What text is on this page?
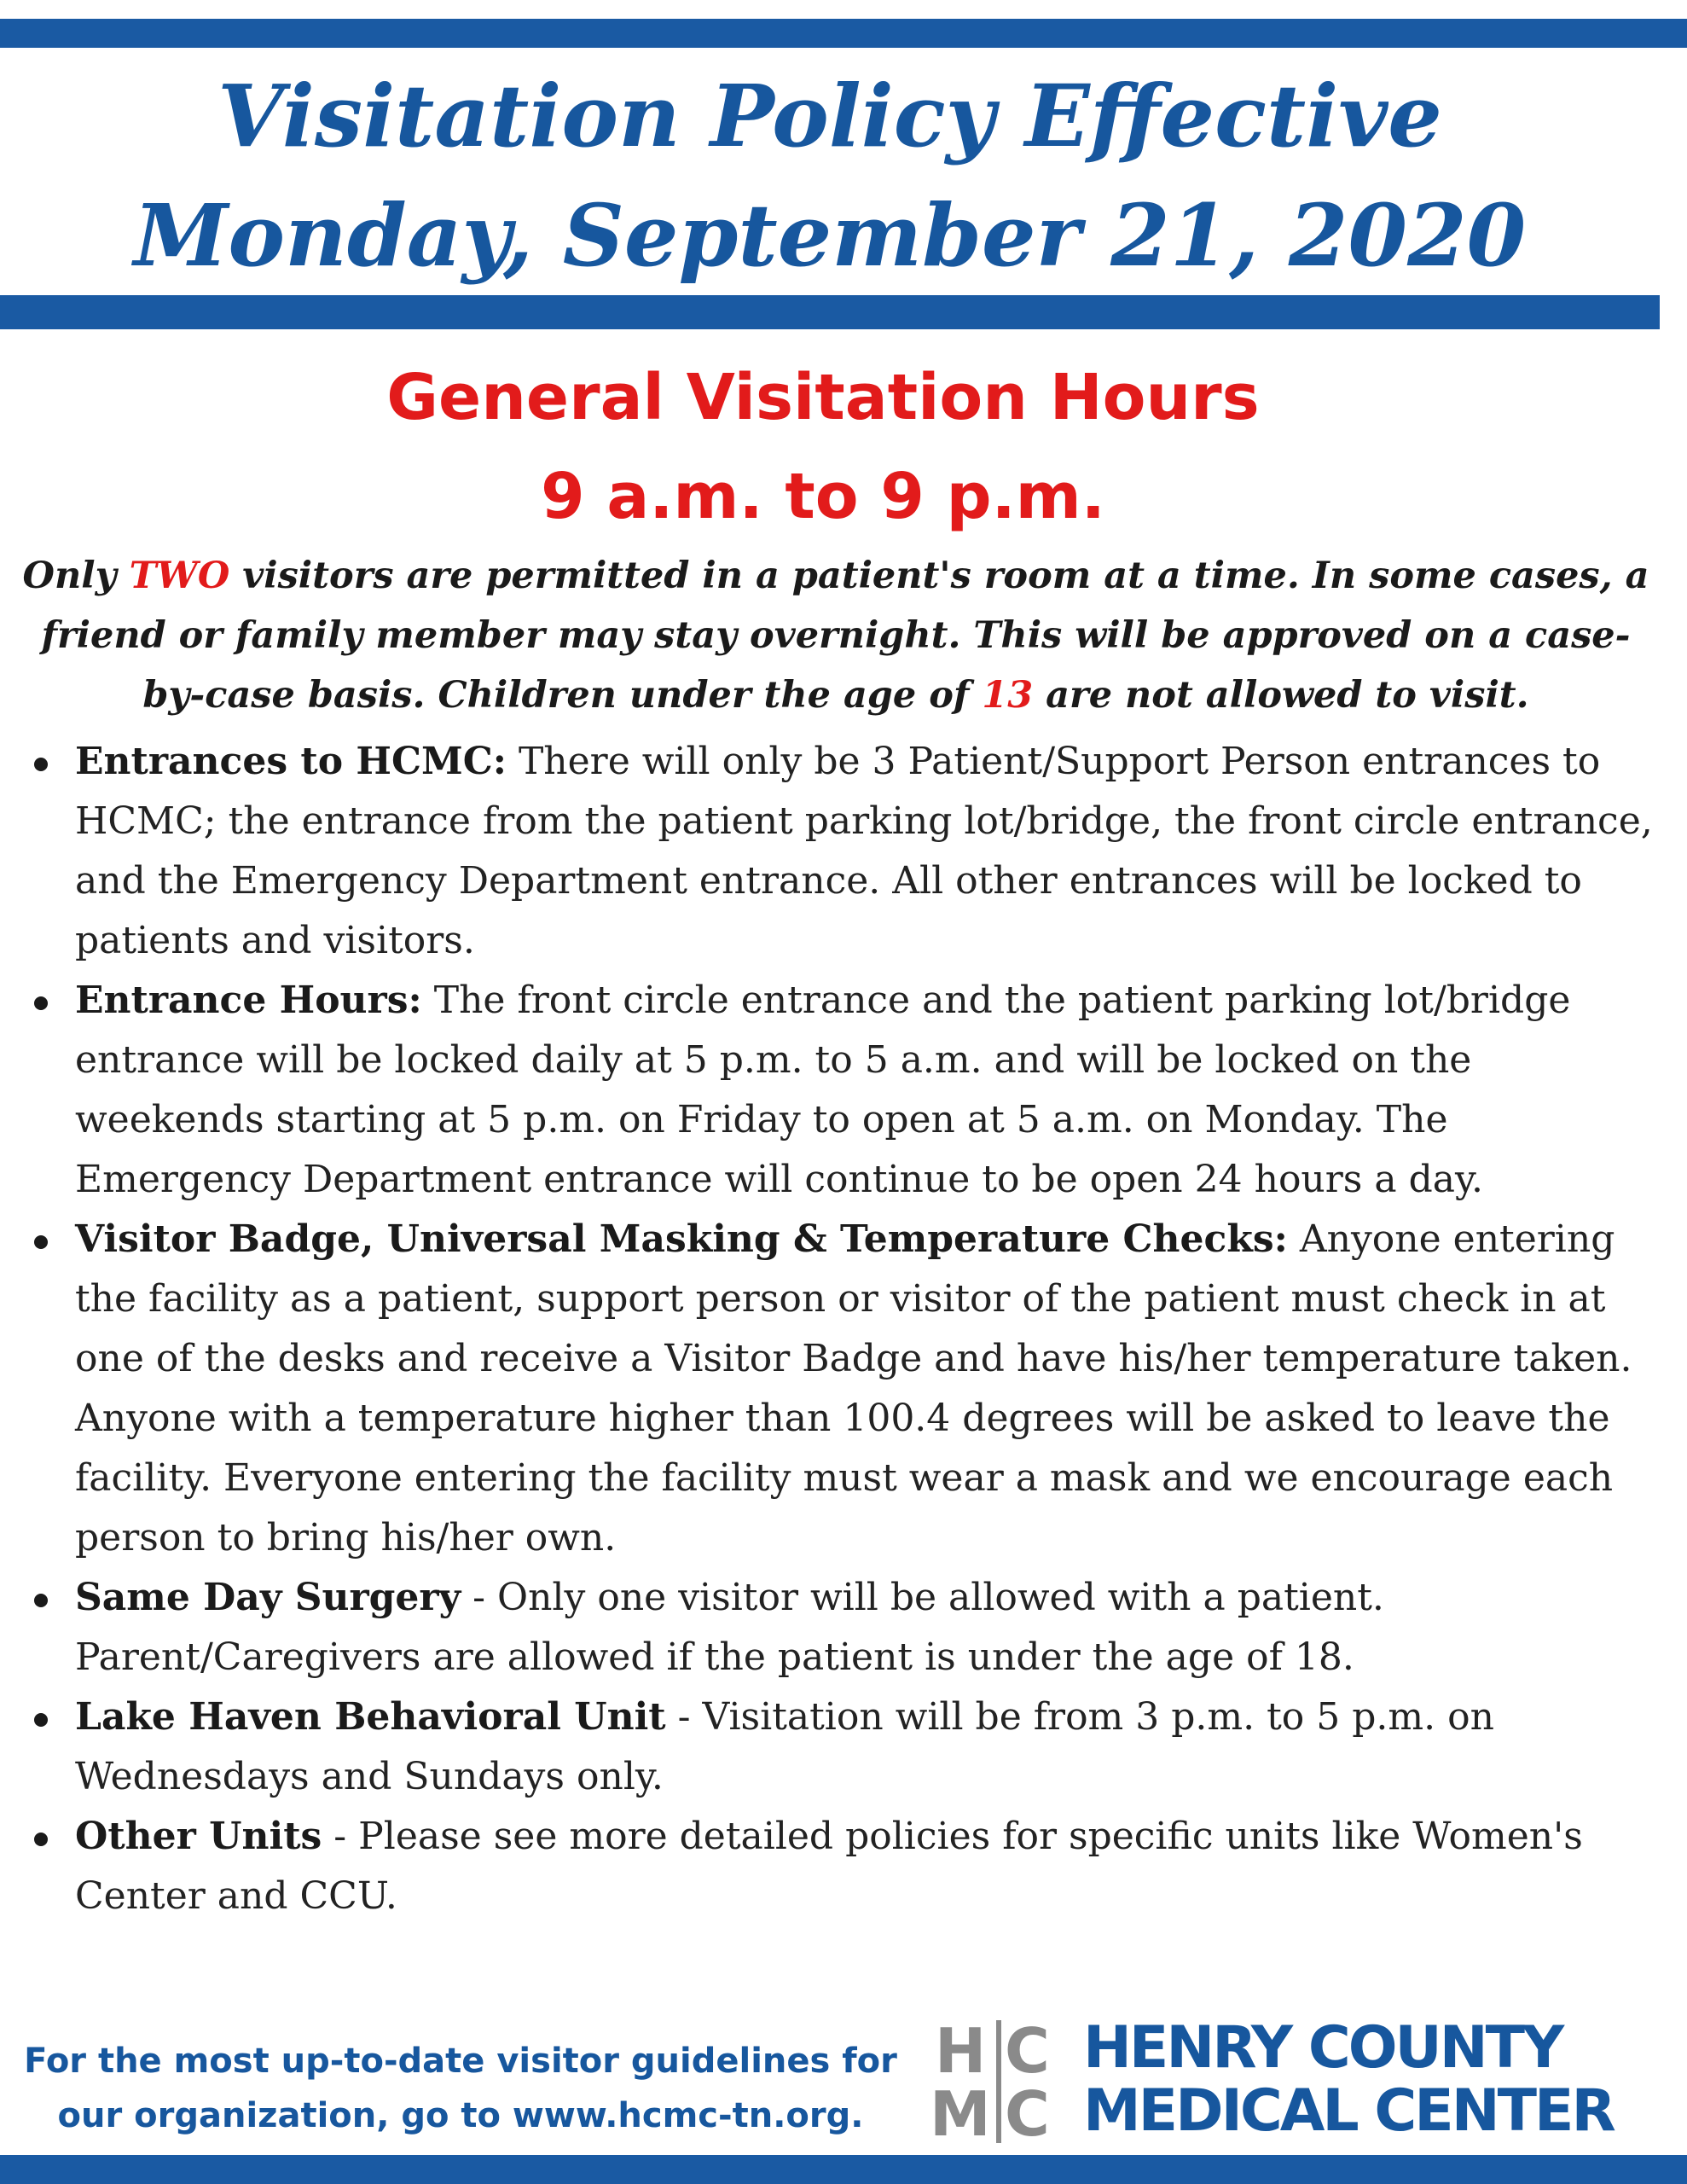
Visitation Policy Effective
Monday, September 21, 2020
General Visitation Hours
9 a.m. to 9 p.m.
Only TWO visitors are permitted in a patient's room at a time. In some cases, a friend or family member may stay overnight. This will be approved on a case-by-case basis. Children under the age of 13 are not allowed to visit.
Entrances to HCMC: There will only be 3 Patient/Support Person entrances to HCMC; the entrance from the patient parking lot/bridge, the front circle entrance, and the Emergency Department entrance. All other entrances will be locked to patients and visitors.
Entrance Hours: The front circle entrance and the patient parking lot/bridge entrance will be locked daily at 5 p.m. to 5 a.m. and will be locked on the weekends starting at 5 p.m. on Friday to open at 5 a.m. on Monday. The Emergency Department entrance will continue to be open 24 hours a day.
Visitor Badge, Universal Masking & Temperature Checks: Anyone entering the facility as a patient, support person or visitor of the patient must check in at one of the desks and receive a Visitor Badge and have his/her temperature taken. Anyone with a temperature higher than 100.4 degrees will be asked to leave the facility. Everyone entering the facility must wear a mask and we encourage each person to bring his/her own.
Same Day Surgery - Only one visitor will be allowed with a patient. Parent/Caregivers are allowed if the patient is under the age of 18.
Lake Haven Behavioral Unit - Visitation will be from 3 p.m. to 5 p.m. on Wednesdays and Sundays only.
Other Units - Please see more detailed policies for specific units like Women's Center and CCU.
For the most up-to-date visitor guidelines for
our organization, go to www.hcmc-tn.org.
H C
M C
HENRY COUNTY
MEDICAL CENTER
